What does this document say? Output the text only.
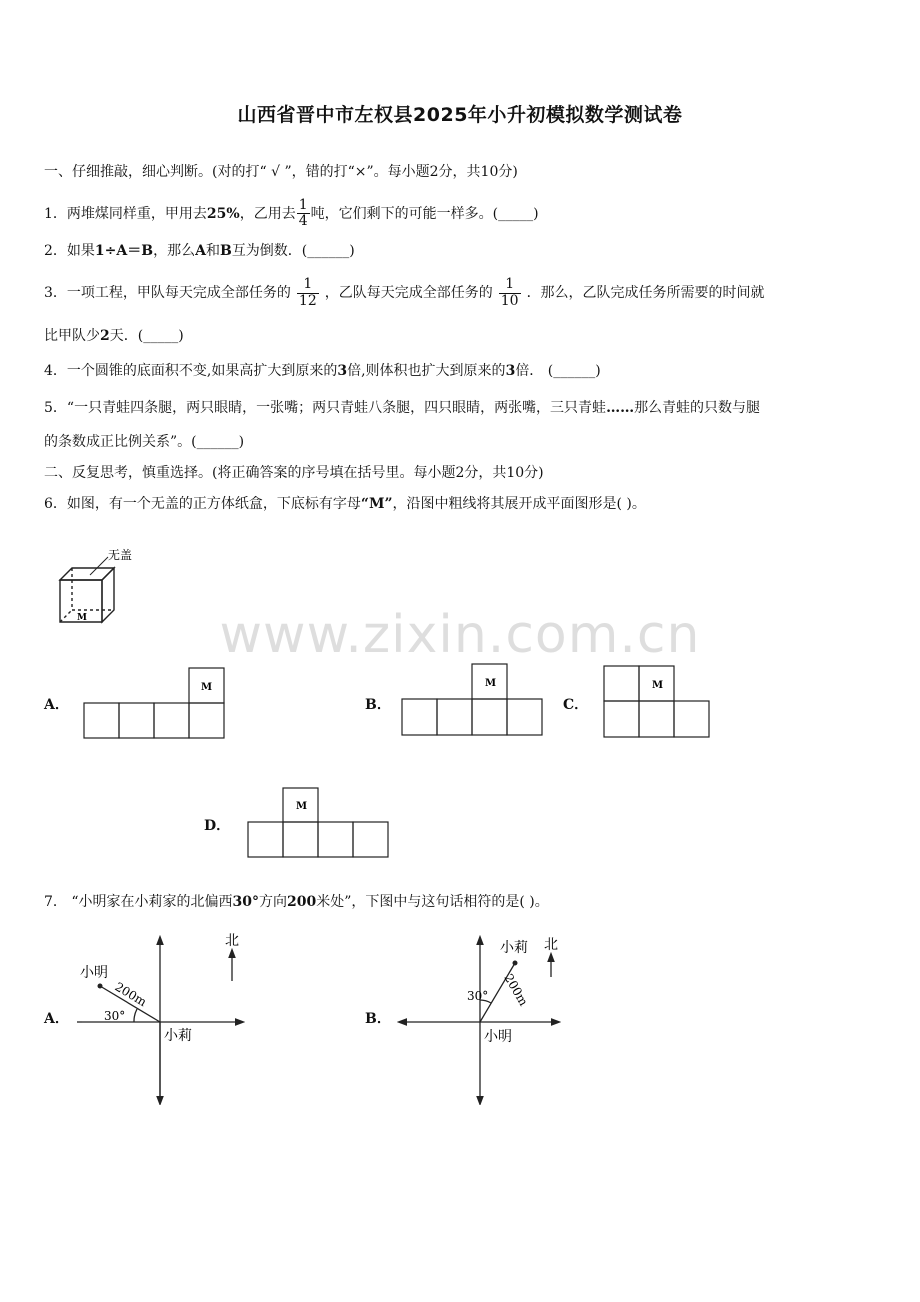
山西省晋中市左权县2025年小升初模拟数学测试卷
www.zixin.com.cn
一、仔细推敲，细心判断。(对的打“ √ ”，错的打“×”。每小题2分，共10分)
1．两堆煤同样重，甲用去25%，乙用去 $\frac{1}{4}$ 吨，它们剩下的可能一样多。(_____)
2．如果1÷A＝B，那么A和B互为倒数．(______)
3．一项工程，甲队每天完成全部任务的 $\frac{1}{12}$ ，乙队每天完成全部任务的 $\frac{1}{10}$ ．那么，乙队完成任务所需要的时间就
比甲队少2天．(_____)
4．一个圆锥的底面积不变,如果高扩大到原来的3倍,则体积也扩大到原来的3倍． (______)
5．“一只青蛙四条腿，两只眼睛，一张嘴；两只青蛙八条腿，四只眼睛，两张嘴，三只青蛙……那么青蛙的只数与腿
的条数成正比例关系”。(______)
二、反复思考，慎重选择。(将正确答案的序号填在括号里。每小题2分，共10分)
6．如图，有一个无盖的正方体纸盒，下底标有字母“M”，沿图中粗线将其展开成平面图形是( )。
无盖
M
A．
M
B．
M
C．
M
D．
M
7． “小明家在小莉家的北偏西30°方向200米处”，下图中与这句话相符的是( )。
A．
北
小明
小莉
30°
200m
B．
北
小莉
小明
30° 200m
